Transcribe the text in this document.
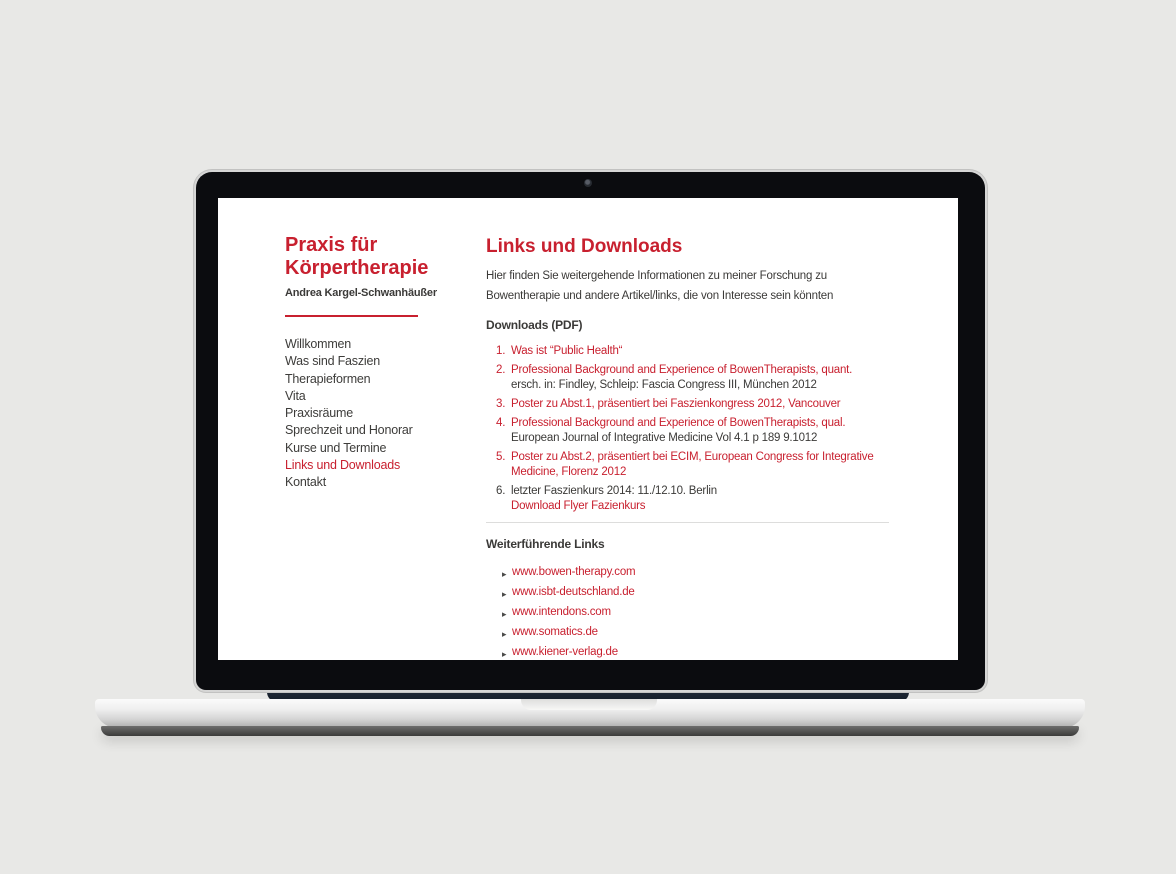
Praxis für
Körpertherapie
Andrea Kargel-Schwanhäußer
Willkommen
Was sind Faszien
Therapieformen
Vita
Praxisräume
Sprechzeit und Honorar
Kurse und Termine
Links und Downloads
Kontakt
Links und Downloads

Hier finden Sie weitergehende Informationen zu meiner Forschung zu Bowentherapie und andere Artikel/links, die von Interesse sein könnten

Downloads (PDF)
1. Was ist “Public Health“
2. Professional Background and Experience of BowenTherapists, quant.
ersch. in: Findley, Schleip: Fascia Congress III, München 2012
3. Poster zu Abst.1, präsentiert bei Faszienkongress 2012, Vancouver
4. Professional Background and Experience of BowenTherapists, qual.
European Journal of Integrative Medicine Vol 4.1 p 189 9.1012
5. Poster zu Abst.2, präsentiert bei ECIM, European Congress for Integrative Medicine, Florenz 2012
6. letzter Faszienkurs 2014: 11./12.10. Berlin
Download Flyer Fazienkurs
Weiterführende Links
▸ www.bowen-therapy.com
▸ www.isbt-deutschland.de
▸ www.intendons.com
▸ www.somatics.de
▸ www.kiener-verlag.de
